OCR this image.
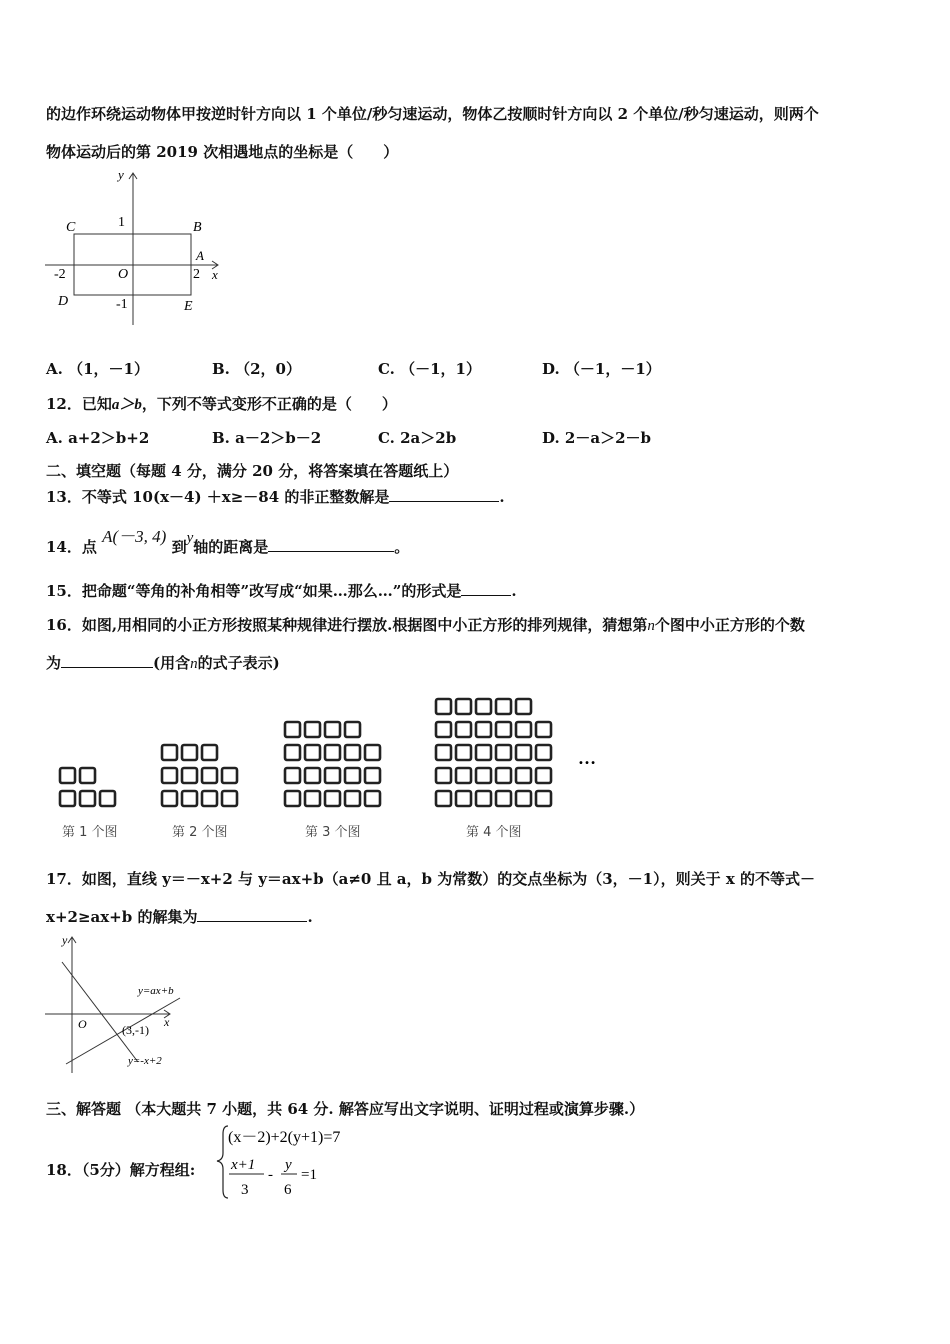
的边作环绕运动物体甲按逆时针方向以 1 个单位/秒匀速运动，物体乙按顺时针方向以 2 个单位/秒匀速运动，则两个
物体运动后的第 2019 次相遇地点的坐标是（　　）
y
x
C	1	B
A
-2	O	2
D	-1	E
A. （1，－1）	B. （2，0）	C. （－1，1）	D. （－1，－1）
12．已知a＞b，下列不等式变形不正确的是（　　）
A. a+2＞b+2	B. a－2＞b－2	C. 2a＞2b	D. 2－a＞2－b
二、填空题（每题 4 分，满分 20 分，将答案填在答题纸上）
13．不等式 10(x－4) ＋x≥－84 的非正整数解是	.
14．点 A(－3, 4) 到y轴的距离是	。
15．把命题“等角的补角相等”改写成“如果…那么…”的形式是	.
16．如图,用相同的小正方形按照某种规律进行摆放.根据图中小正方形的排列规律，猜想第n个图中小正方形的个数
为	(用含n的式子表示)
…
第 1 个图	第 2 个图	第 3 个图	第 4 个图
17．如图，直线 y＝－x+2 与 y＝ax+b（a≠0 且 a，b 为常数）的交点坐标为（3，－1），则关于 x 的不等式－
x+2≥ax+b 的解集为	.
y
x
O
y=ax+b
(3,-1)
y=-x+2
三、解答题 （本大题共 7 小题，共 64 分. 解答应写出文字说明、证明过程或演算步骤.）
18．（5分）解方程组:
(x－2)+2(y+1)=7
x+1
3
-
y
6
=1
